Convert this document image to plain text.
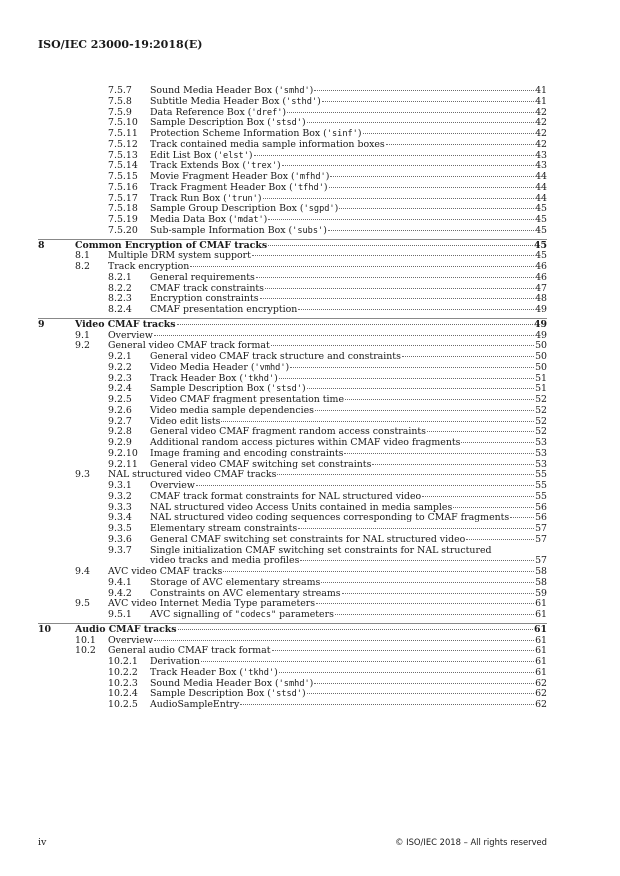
ISO/IEC 23000-19:2018(E)
7.5.7 Sound Media Header Box ('smhd')	41
7.5.8 Subtitle Media Header Box ('sthd')	41
7.5.9 Data Reference Box ('dref')	42
7.5.10 Sample Description Box ('stsd')	42
7.5.11 Protection Scheme Information Box ('sinf')	42
7.5.12 Track contained media sample information boxes	42
7.5.13 Edit List Box ('elst')	43
7.5.14 Track Extends Box ('trex')	43
7.5.15 Movie Fragment Header Box ('mfhd')	44
7.5.16 Track Fragment Header Box ('tfhd')	44
7.5.17 Track Run Box ('trun')	44
7.5.18 Sample Group Description Box ('sgpd')	45
7.5.19 Media Data Box ('mdat')	45
7.5.20 Sub-sample Information Box ('subs')	45
8	Common Encryption of CMAF tracks	45
8.1 Multiple DRM system support	45
8.2 Track encryption	46
8.2.1 General requirements	46
8.2.2 CMAF track constraints	47
8.2.3 Encryption constraints	48
8.2.4 CMAF presentation encryption	49
9	Video CMAF tracks	49
9.1 Overview	49
9.2 General video CMAF track format	50
9.2.1 General video CMAF track structure and constraints	50
9.2.2 Video Media Header ('vmhd')	50
9.2.3 Track Header Box ('tkhd')	51
9.2.4 Sample Description Box ('stsd')	51
9.2.5 Video CMAF fragment presentation time	52
9.2.6 Video media sample dependencies	52
9.2.7 Video edit lists	52
9.2.8 General video CMAF fragment random access constraints	52
9.2.9 Additional random access pictures within CMAF video fragments	53
9.2.10 Image framing and encoding constraints	53
9.2.11 General video CMAF switching set constraints	53
9.3 NAL structured video CMAF tracks	55
9.3.1 Overview	55
9.3.2 CMAF track format constraints for NAL structured video	55
9.3.3 NAL structured video Access Units contained in media samples	56
9.3.4 NAL structured video coding sequences corresponding to CMAF fragments	56
9.3.5 Elementary stream constraints	57
9.3.6 General CMAF switching set constraints for NAL structured video	57
9.3.7 Single initialization CMAF switching set constraints for NAL structured
video tracks and media profiles	57
9.4 AVC video CMAF tracks	58
9.4.1 Storage of AVC elementary streams	58
9.4.2 Constraints on AVC elementary streams	59
9.5 AVC video Internet Media Type parameters	61
9.5.1 AVC signalling of "codecs" parameters	61
10	Audio CMAF tracks	61
10.1 Overview	61
10.2 General audio CMAF track format	61
10.2.1 Derivation	61
10.2.2 Track Header Box ('tkhd')	61
10.2.3 Sound Media Header Box ('smhd')	62
10.2.4 Sample Description Box ('stsd')	62
10.2.5 AudioSampleEntry	62
iv	© ISO/IEC 2018 – All rights reserved
